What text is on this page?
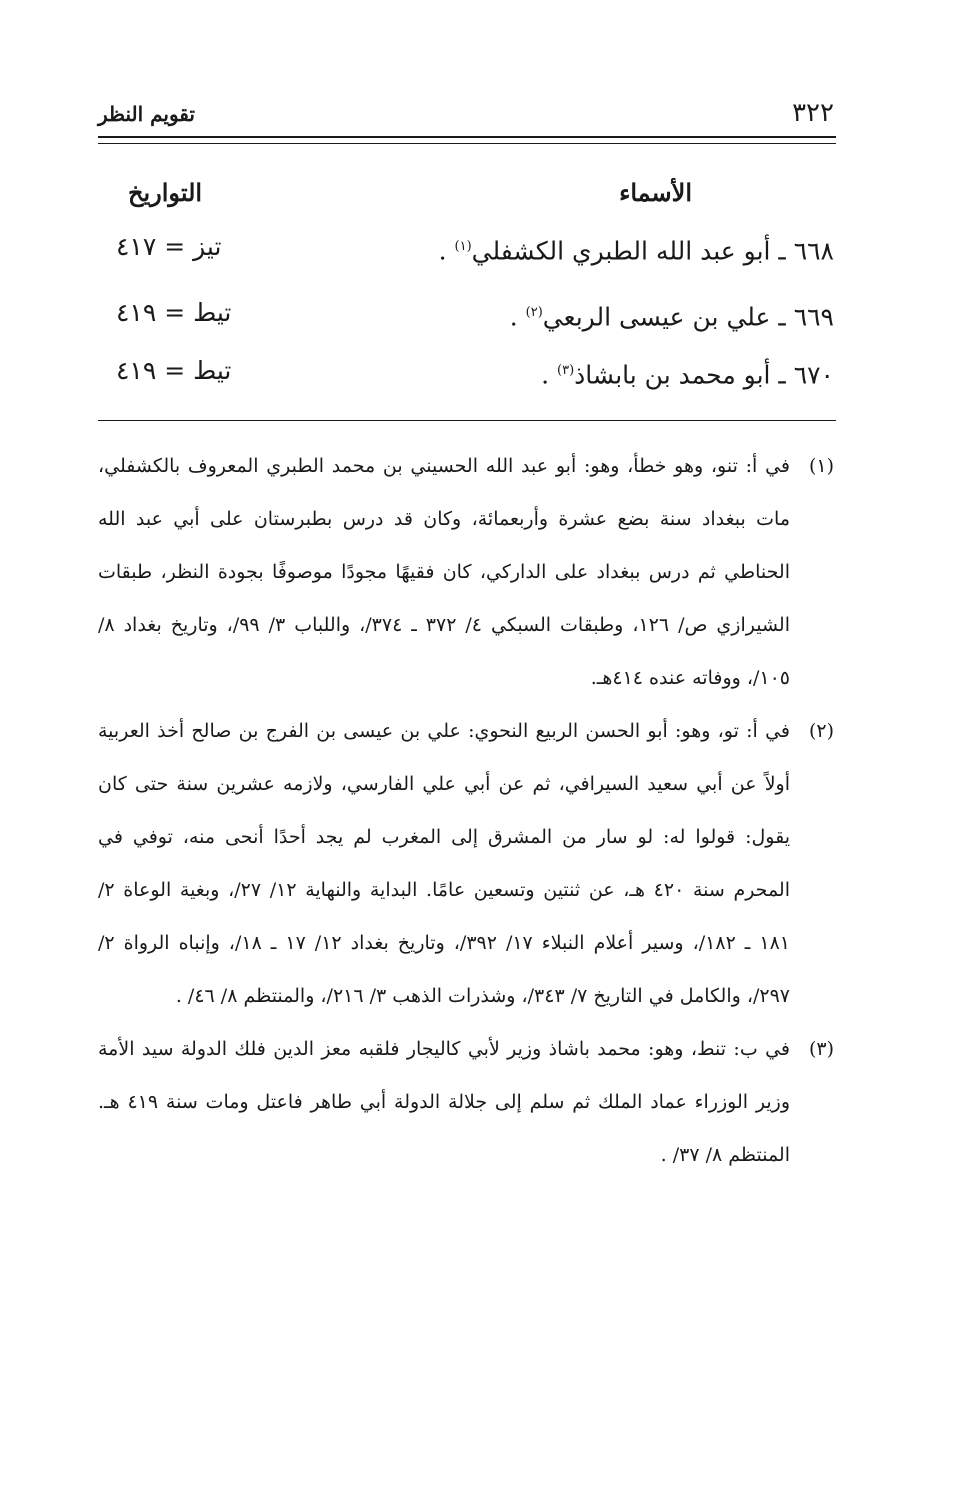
٣٢٢
تقويم النظر
الأسماء
التواريخ
٦٦٨ ـ أبو عبد الله الطبري الكشفلي$^{(١)}$ .
تيز = ٤١٧
٦٦٩ ـ علي بن عيسى الربعي$^{(٢)}$ .
تيط = ٤١٩
٦٧٠ ـ أبو محمد بن بابشاذ$^{(٣)}$ .
تيط = ٤١٩

(١)
في أ: تنو، وهو خطأ، وهو: أبو عبد الله الحسيني بن محمد الطبري المعروف بالكشفلي، مات ببغداد سنة بضع عشرة وأربعمائة، وكان قد درس بطبرستان على أبي عبد الله الحناطي ثم درس ببغداد على الداركي، كان فقيهًا مجودًا موصوفًا بجودة النظر، طبقات الشيرازي ص/ ١٢٦، وطبقات السبكي ٤/ ٣٧٢ ـ ٣٧٤/، واللباب ٣/ ٩٩/، وتاريخ بغداد ٨/ ١٠٥/، ووفاته عنده ٤١٤هـ.

(٢)
في أ: تو، وهو: أبو الحسن الربيع النحوي: علي بن عيسى بن الفرج بن صالح أخذ العربية أولاً عن أبي سعيد السيرافي، ثم عن أبي علي الفارسي، ولازمه عشرين سنة حتى كان يقول: قولوا له: لو سار من المشرق إلى المغرب لم يجد أحدًا أنحى منه، توفي في المحرم سنة ٤٢٠ هـ، عن ثنتين وتسعين عامًا. البداية والنهاية ١٢/ ٢٧/، وبغية الوعاة ٢/ ١٨١ ـ ١٨٢/، وسير أعلام النبلاء ١٧/ ٣٩٢/، وتاريخ بغداد ١٢/ ١٧ ـ ١٨/، وإنباه الرواة ٢/ ٢٩٧/، والكامل في التاريخ ٧/ ٣٤٣/، وشذرات الذهب ٣/ ٢١٦/، والمنتظم ٨/ ٤٦/ .

(٣)
في ب: تنط، وهو: محمد باشاذ وزير لأبي كاليجار فلقبه معز الدين فلك الدولة سيد الأمة وزير الوزراء عماد الملك ثم سلم إلى جلالة الدولة أبي طاهر فاعتل ومات سنة ٤١٩ هـ. المنتظم ٨/ ٣٧/ .
